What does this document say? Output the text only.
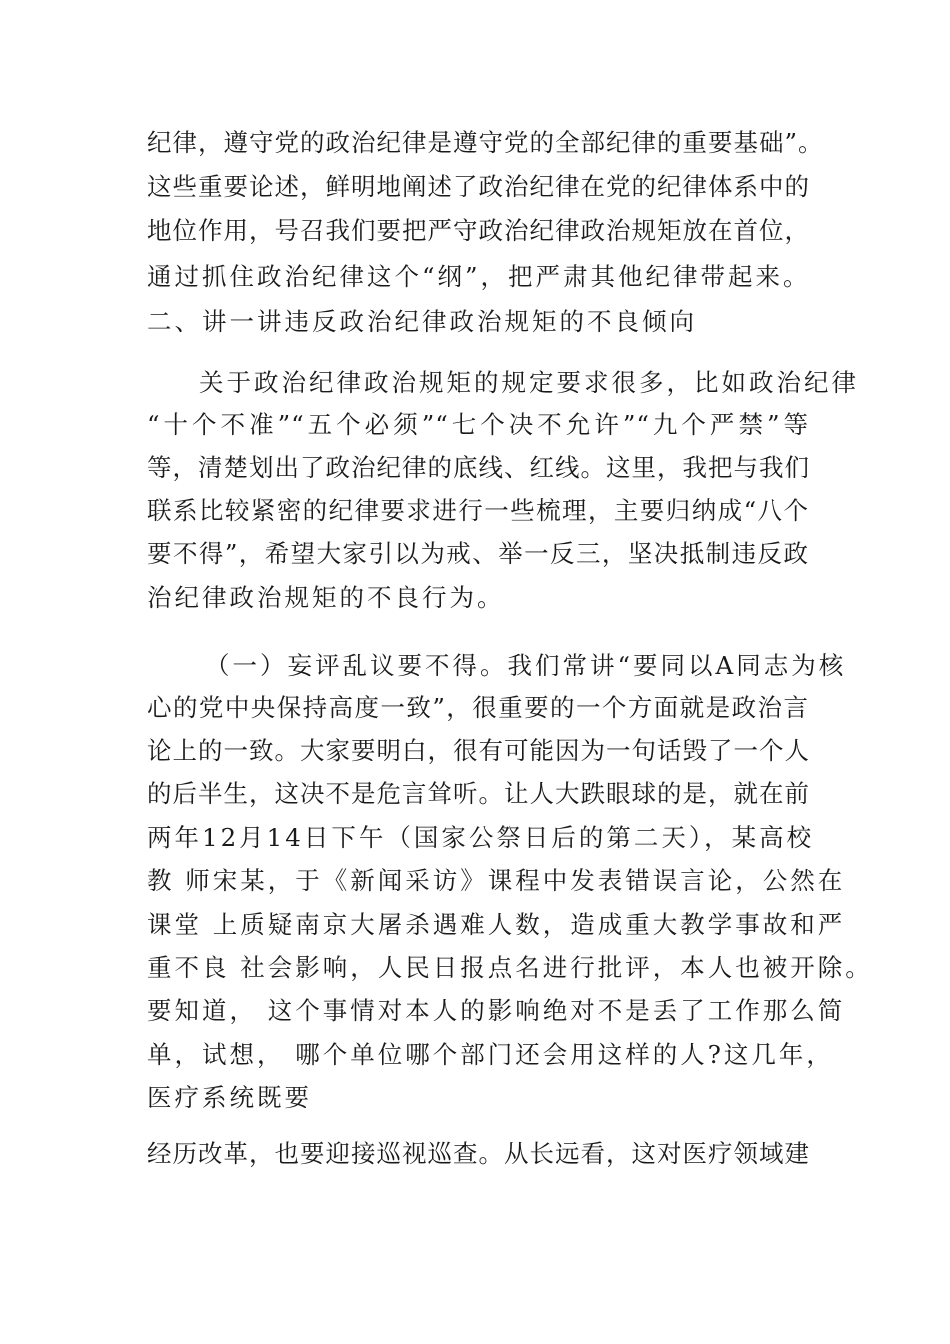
纪律，遵守党的政治纪律是遵守党的全部纪律的重要基础”。
这些重要论述，鲜明地阐述了政治纪律在党的纪律体系中的
地位作用，号召我们要把严守政治纪律政治规矩放在首位，
通过抓住政治纪律这个“纲”，把严肃其他纪律带起来。
二、讲一讲违反政治纪律政治规矩的不良倾向
关于政治纪律政治规矩的规定要求很多，比如政治纪律
“十个不准”“五个必须”“七个决不允许”“九个严禁”等
等，清楚划出了政治纪律的底线、红线。这里，我把与我们
联系比较紧密的纪律要求进行一些梳理，主要归纳成“八个
要不得”，希望大家引以为戒、举一反三，坚决抵制违反政
治纪律政治规矩的不良行为。
（一）妄评乱议要不得。我们常讲“要同以A同志为核
心的党中央保持高度一致”，很重要的一个方面就是政治言
论上的一致。大家要明白，很有可能因为一句话毁了一个人
的后半生，这决不是危言耸听。让人大跌眼球的是，就在前
两年12月14日下午（国家公祭日后的第二天），某高校
教 师宋某，于《新闻采访》课程中发表错误言论，公然在
课堂 上质疑南京大屠杀遇难人数，造成重大教学事故和严
重不良 社会影响，人民日报点名进行批评，本人也被开除。
要知道， 这个事情对本人的影响绝对不是丢了工作那么简
单，试想， 哪个单位哪个部门还会用这样的人?这几年，
医疗系统既要
经历改革，也要迎接巡视巡查。从长远看，这对医疗领域建
